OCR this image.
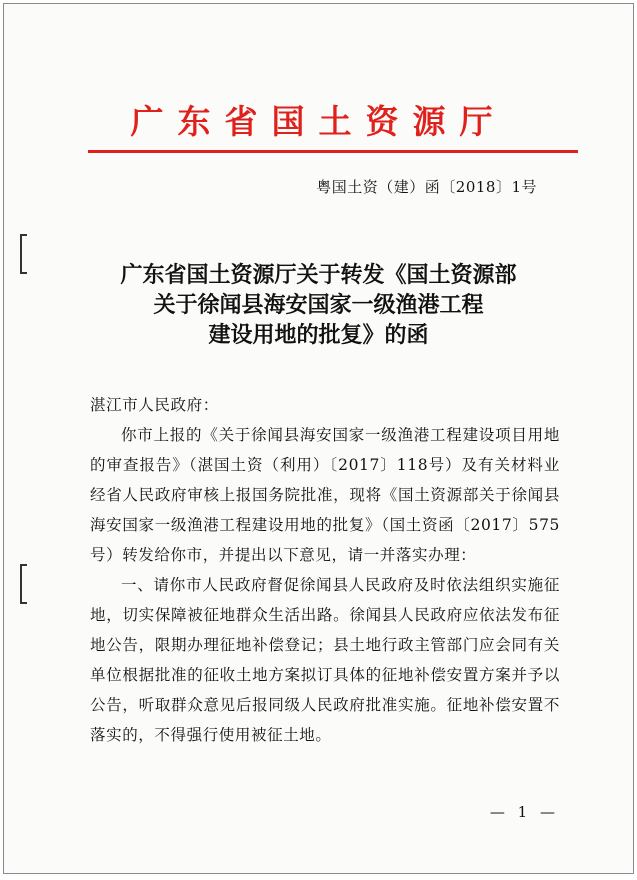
广东省国土资源厅
粤国土资（建）函〔2018〕1号
广东省国土资源厅关于转发《国土资源部
关于徐闻县海安国家一级渔港工程
建设用地的批复》的函

湛江市人民政府：

你市上报的《关于徐闻县海安国家一级渔港工程建设项目用地的审查报告》（湛国土资（利用）〔2017〕118号）及有关材料业经省人民政府审核上报国务院批准，现将《国土资源部关于徐闻县海安国家一级渔港工程建设用地的批复》（国土资函〔2017〕575号）转发给你市，并提出以下意见，请一并落实办理：

一、请你市人民政府督促徐闻县人民政府及时依法组织实施征地，切实保障被征地群众生活出路。徐闻县人民政府应依法发布征地公告，限期办理征地补偿登记；县土地行政主管部门应会同有关单位根据批准的征收土地方案拟订具体的征地补偿安置方案并予以公告，听取群众意见后报同级人民政府批准实施。征地补偿安置不落实的，不得强行使用被征土地。

— 1 —
